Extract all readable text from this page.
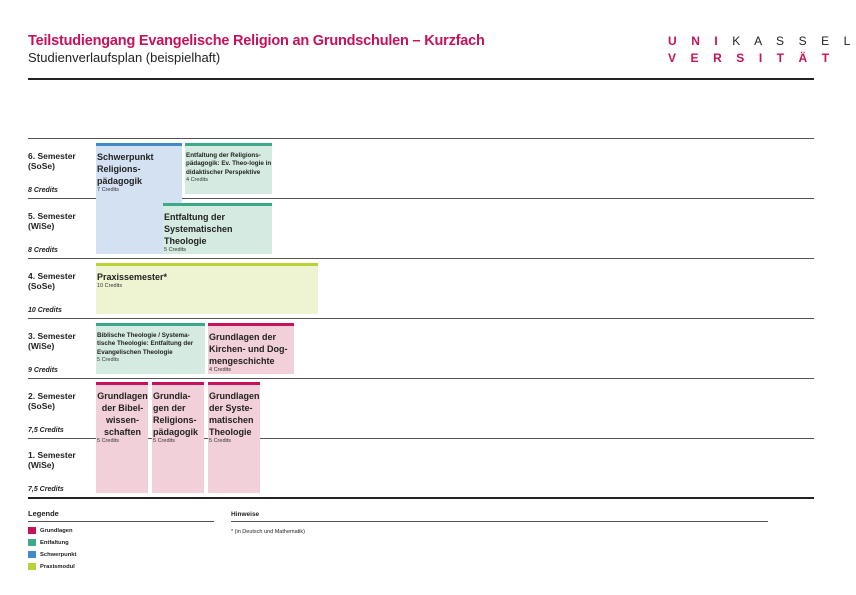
Teilstudiengang Evangelische Religion an Grundschulen – Kurzfach
Studienverlaufsplan (beispielhaft)
U N I K A S S E L
V E R S I T Ä T
6. Semester
(SoSe)
8 Credits
5. Semester
(WiSe)
8 Credits
4. Semester
(SoSe)
10 Credits
3. Semester
(WiSe)
9 Credits
2. Semester
(SoSe)
7,5 Credits
1. Semester
(WiSe)
7,5 Credits
Schwerpunkt Religions-pädagogik
7 Credits
Entfaltung der Religions-pädagogik: Ev. Theo-logie in didaktischer Perspektive
4 Credits
Entfaltung der Systematischen Theologie
5 Credits
Praxissemester*
10 Credits
Biblische Theologie / Systema-tische Theologie: Entfaltung der Evangelischen Theologie
5 Credits
Grundlagen der Kirchen- und Dog-mengeschichte
4 Credits
Grundlagen der Bibel-wissen-schaften
5 Credits
Grundla-gen der Religions-pädagogik
5 Credits
Grundlagen der Syste-matischen Theologie
5 Credits
Legende
Grundlagen
Entfaltung
Schwerpunkt
Praxismodul
Hinweise
* (in Deutsch und Mathematik)
